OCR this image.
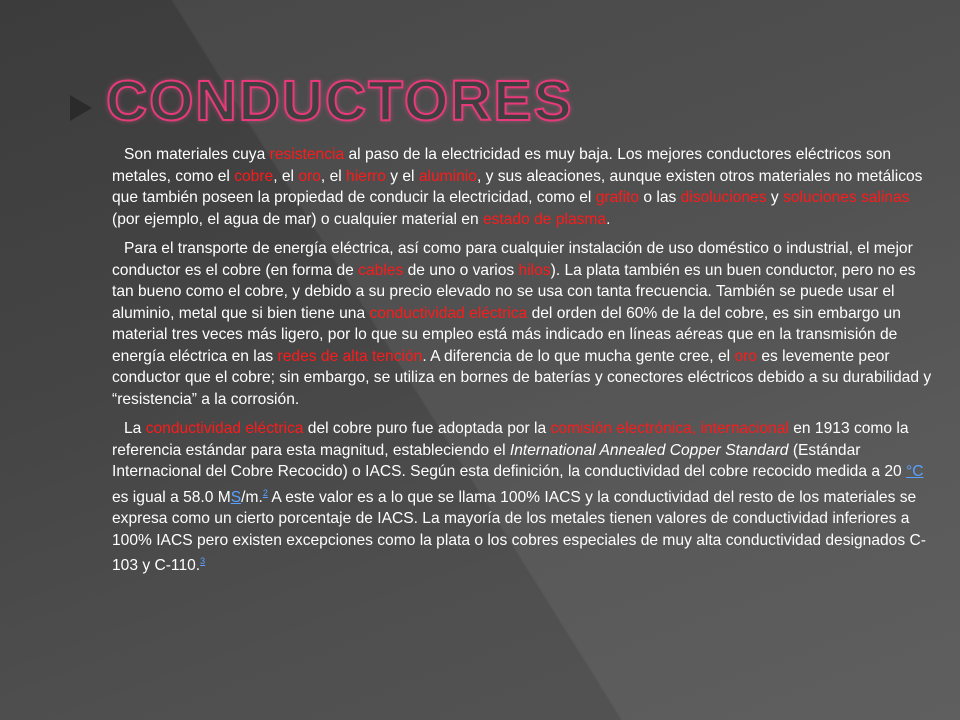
CONDUCTORES

Son materiales cuya resistencia al paso de la electricidad es muy baja. Los mejores conductores eléctricos son metales, como el cobre, el oro, el hierro y el aluminio, y sus aleaciones, aunque existen otros materiales no metálicos que también poseen la propiedad de conducir la electricidad, como el grafito o las disoluciones y soluciones salinas (por ejemplo, el agua de mar) o cualquier material en estado de plasma.

Para el transporte de energía eléctrica, así como para cualquier instalación de uso doméstico o industrial, el mejor conductor es el cobre (en forma de cables de uno o varios hilos). La plata también es un buen conductor, pero no es tan bueno como el cobre, y debido a su precio elevado no se usa con tanta frecuencia. También se puede usar el aluminio, metal que si bien tiene una conductividad eléctrica del orden del 60% de la del cobre, es sin embargo un material tres veces más ligero, por lo que su empleo está más indicado en líneas aéreas que en la transmisión de energía eléctrica en las redes de alta tención. A diferencia de lo que mucha gente cree, el oro es levemente peor conductor que el cobre; sin embargo, se utiliza en bornes de baterías y conectores eléctricos debido a su durabilidad y “resistencia” a la corrosión.

La conductividad eléctrica del cobre puro fue adoptada por la comisión electrónica, internacional en 1913 como la referencia estándar para esta magnitud, estableciendo el International Annealed Copper Standard (Estándar Internacional del Cobre Recocido) o IACS. Según esta definición, la conductividad del cobre recocido medida a 20 °C es igual a 58.0 MS/m.$^2$ A este valor es a lo que se llama 100% IACS y la conductividad del resto de los materiales se expresa como un cierto porcentaje de IACS. La mayoría de los metales tienen valores de conductividad inferiores a 100% IACS pero existen excepciones como la plata o los cobres especiales de muy alta conductividad designados C-103 y C-110.$^3$
